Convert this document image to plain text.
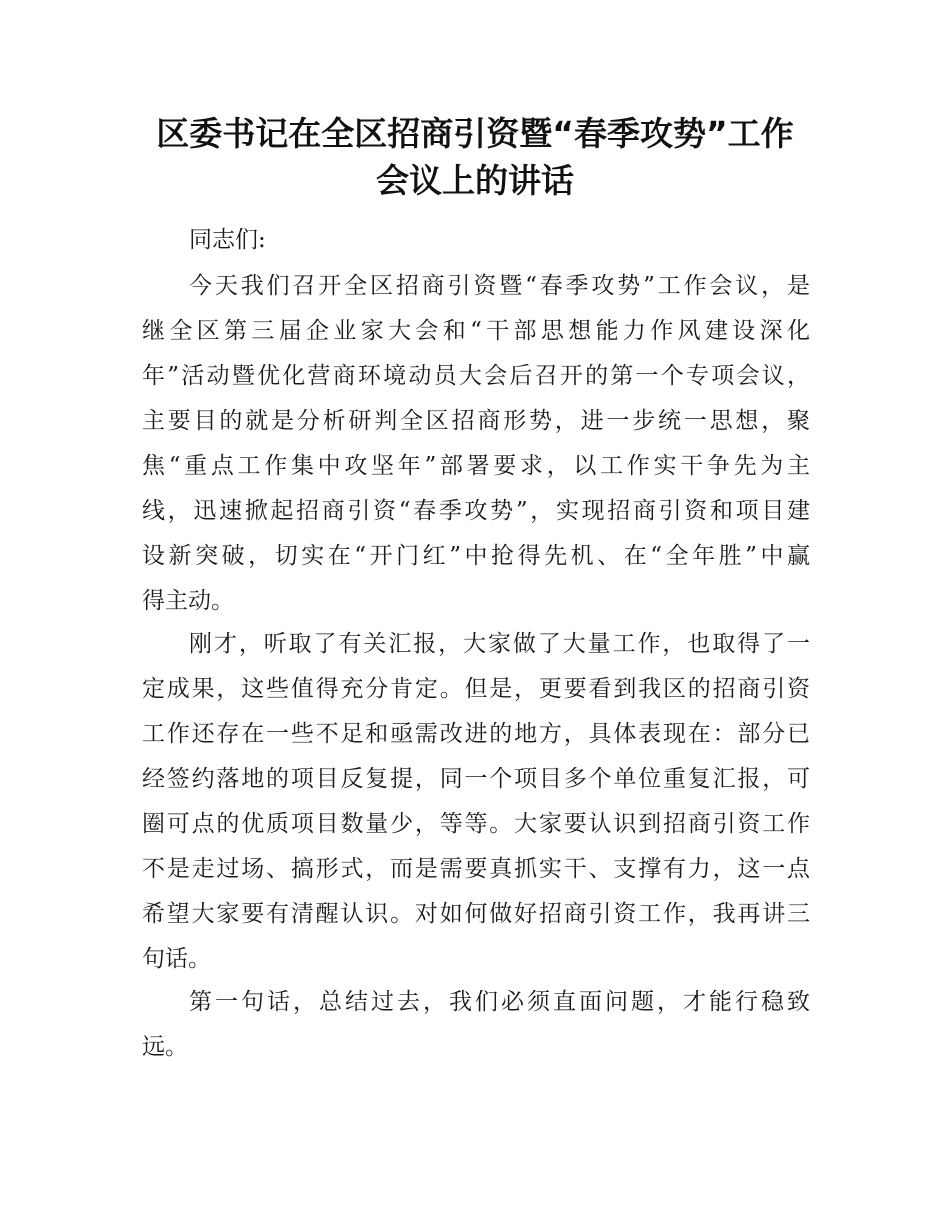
区委书记在全区招商引资暨“春季攻势”工作
会议上的讲话
同志们:
今天我们召开全区招商引资暨“春季攻势”工作会议，是
继全区第三届企业家大会和“干部思想能力作风建设深化
年”活动暨优化营商环境动员大会后召开的第一个专项会议，
主要目的就是分析研判全区招商形势，进一步统一思想，聚
焦“重点工作集中攻坚年”部署要求，以工作实干争先为主
线，迅速掀起招商引资“春季攻势”，实现招商引资和项目建
设新突破，切实在“开门红”中抢得先机、在“全年胜”中赢
得主动。
刚才，听取了有关汇报，大家做了大量工作，也取得了一
定成果，这些值得充分肯定。但是，更要看到我区的招商引资
工作还存在一些不足和亟需改进的地方，具体表现在：部分已
经签约落地的项目反复提，同一个项目多个单位重复汇报，可
圈可点的优质项目数量少，等等。大家要认识到招商引资工作
不是走过场、搞形式，而是需要真抓实干、支撑有力，这一点
希望大家要有清醒认识。对如何做好招商引资工作，我再讲三
句话。
第一句话，总结过去，我们必须直面问题，才能行稳致
远。
